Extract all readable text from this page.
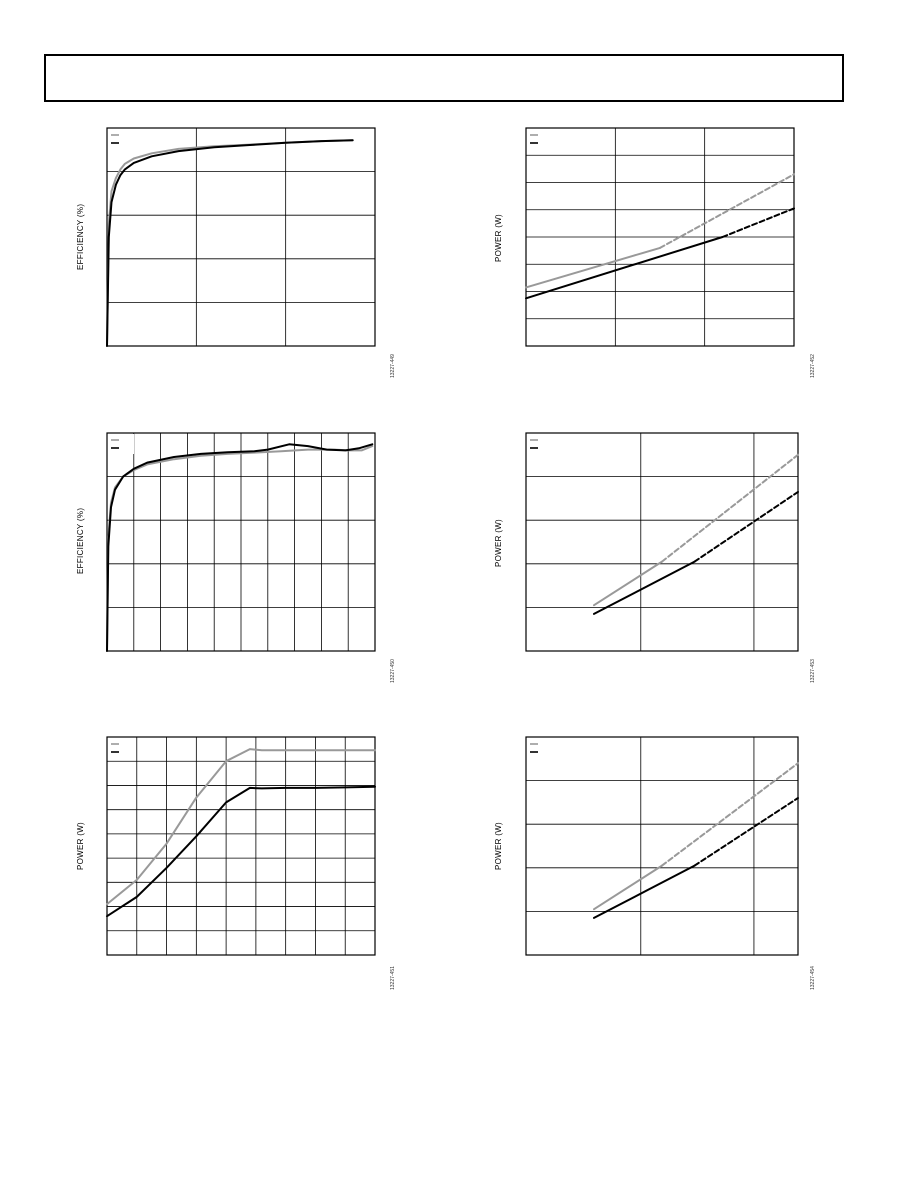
EFFICIENCY (%)
13227-449
POWER (W)
13227-452
EFFICIENCY (%)
13227-450
POWER (W)
13227-453
POWER (W)
13227-451
POWER (W)
13227-454
